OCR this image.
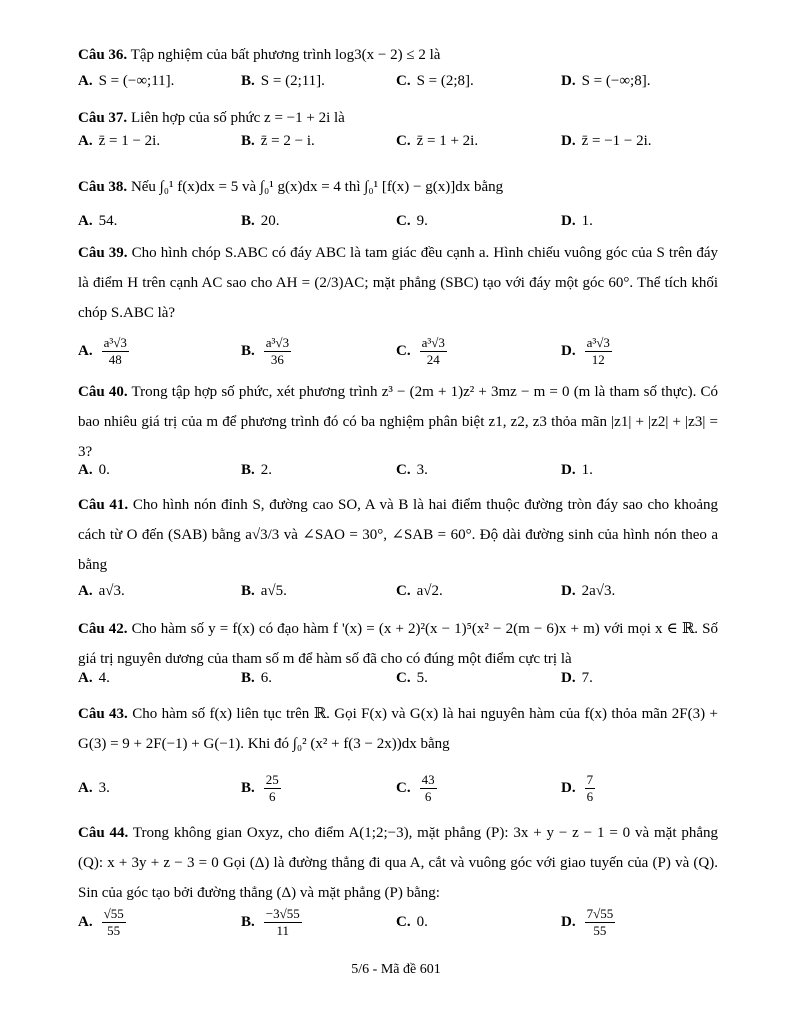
Câu 36. Tập nghiệm của bất phương trình log3(x − 2) ≤ 2 là
A. S = (−∞;11].	B. S = (2;11].	C. S = (2;8].	D. S = (−∞;8].
Câu 37. Liên hợp của số phức z = −1 + 2i là
A. z̄ = 1 − 2i.	B. z̄ = 2 − i.	C. z̄ = 1 + 2i.	D. z̄ = −1 − 2i.
Câu 38. Nếu ∫₀¹ f(x)dx = 5 và ∫₀¹ g(x)dx = 4 thì ∫₀¹ [f(x) − g(x)]dx bằng
A. 54.	B. 20.	C. 9.	D. 1.
Câu 39. Cho hình chóp S.ABC có đáy ABC là tam giác đều cạnh a. Hình chiếu vuông góc của S trên đáy là điểm H trên cạnh AC sao cho AH = (2/3)AC; mặt phẳng (SBC) tạo với đáy một góc 60°. Thể tích khối chóp S.ABC là?
A. $\frac{\text{a³√3}}{48}$	B. $\frac{\text{a³√3}}{36}$	C. $\frac{\text{a³√3}}{24}$	D. $\frac{\text{a³√3}}{12}$
Câu 40. Trong tập hợp số phức, xét phương trình z³ − (2m + 1)z² + 3mz − m = 0 (m là tham số thực). Có bao nhiêu giá trị của m để phương trình đó có ba nghiệm phân biệt z1, z2, z3 thỏa mãn |z1| + |z2| + |z3| = 3?
A. 0.	B. 2.	C. 3.	D. 1.
Câu 41. Cho hình nón đỉnh S, đường cao SO, A và B là hai điểm thuộc đường tròn đáy sao cho khoảng cách từ O đến (SAB) bằng a√3/3 và ∠SAO = 30°, ∠SAB = 60°. Độ dài đường sinh của hình nón theo a bằng
A. a√3.	B. a√5.	C. a√2.	D. 2a√3.
Câu 42. Cho hàm số y = f(x) có đạo hàm f '(x) = (x + 2)²(x − 1)⁵(x² − 2(m − 6)x + m) với mọi x ∈ ℝ. Số giá trị nguyên dương của tham số m để hàm số đã cho có đúng một điểm cực trị là
A. 4.	B. 6.	C. 5.	D. 7.
Câu 43. Cho hàm số f(x) liên tục trên ℝ. Gọi F(x) và G(x) là hai nguyên hàm của f(x) thỏa mãn 2F(3) + G(3) = 9 + 2F(−1) + G(−1). Khi đó ∫₀² (x² + f(3 − 2x))dx bằng
A. 3.	B. $\frac{25}{6}$	C. $\frac{43}{6}$	D. $\frac{7}{6}$
Câu 44. Trong không gian Oxyz, cho điểm A(1;2;−3), mặt phẳng (P): 3x + y − z − 1 = 0 và mặt phẳng (Q): x + 3y + z − 3 = 0 Gọi (Δ) là đường thẳng đi qua A, cắt và vuông góc với giao tuyến của (P) và (Q). Sin của góc tạo bởi đường thẳng (Δ) và mặt phẳng (P) bằng:
A. $\frac{√55}{55}$	B. $\frac{-3√55}{11}$	C. 0.	D. $\frac{7√55}{55}$
5/6 - Mã đề 601
